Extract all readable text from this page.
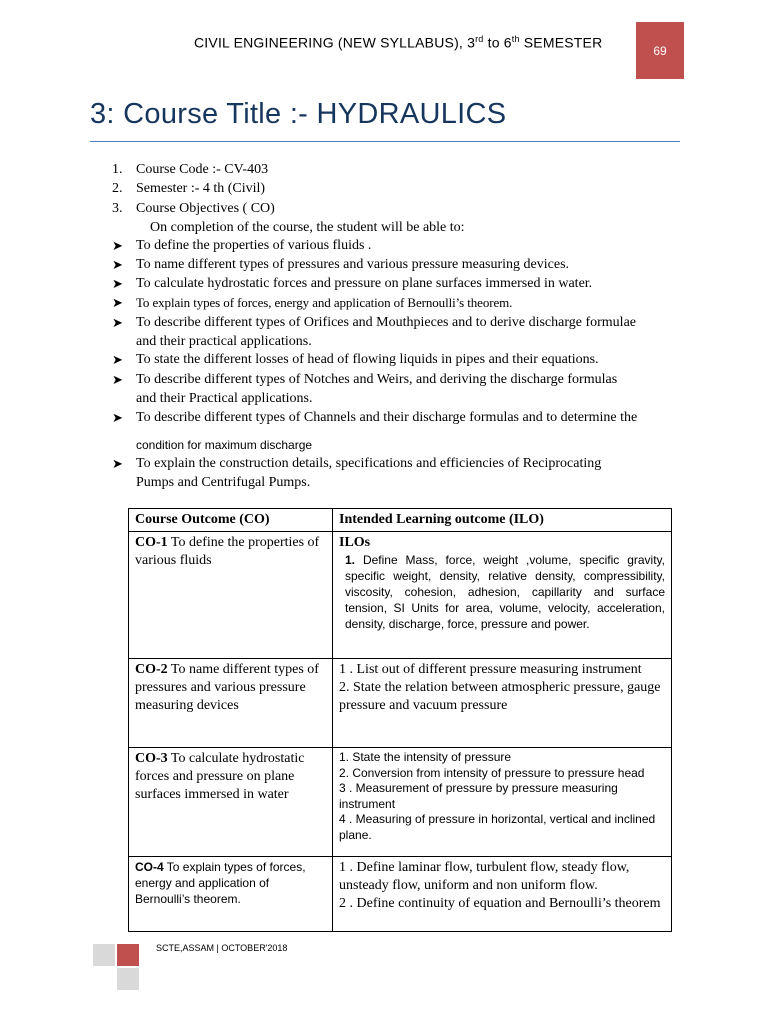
CIVIL ENGINEERING (NEW SYLLABUS), 3rd to 6th SEMESTER	69
3: Course Title :- HYDRAULICS
1. Course Code :- CV-403
2. Semester :- 4 th (Civil)
3. Course Objectives ( CO)
On completion of the course, the student will be able to:
➤ To define the properties of various fluids .
➤ To name different types of pressures and various pressure measuring devices.
➤ To calculate hydrostatic forces and pressure on plane surfaces immersed in water.
➤ To explain types of forces, energy and application of Bernoulli’s theorem.
➤ To describe different types of Orifices and Mouthpieces and to derive discharge formulae
and their practical applications.
➤ To state the different losses of head of flowing liquids in pipes and their equations.
➤ To describe different types of Notches and Weirs, and deriving the discharge formulas
and their Practical applications.
➤ To describe different types of Channels and their discharge formulas and to determine the
condition for maximum discharge
➤ To explain the construction details, specifications and efficiencies of Reciprocating
Pumps and Centrifugal Pumps.
Course Outcome (CO)	Intended Learning outcome (ILO)
CO-1 To define the properties of various fluids	ILOs
1. Define Mass, force, weight ,volume, specific gravity, specific weight, density, relative density, compressibility, viscosity, cohesion, adhesion, capillarity and surface tension, SI Units for area, volume, velocity, acceleration, density, discharge, force, pressure and power.

CO-2 To name different types of pressures and various pressure measuring devices	1 . List out of different pressure measuring instrument
2. State the relation between atmospheric pressure, gauge pressure and vacuum pressure

CO-3 To calculate hydrostatic forces and pressure on plane surfaces immersed in water	1. State the intensity of pressure
2. Conversion from intensity of pressure to pressure head
3 . Measurement of pressure by pressure measuring instrument
4 . Measuring of pressure in horizontal, vertical and inclined plane.

CO-4 To explain types of forces, energy and application of Bernoulli’s theorem.	1 . Define laminar flow, turbulent flow, steady flow, unsteady flow, uniform and non uniform flow.
2 . Define continuity of equation and Bernoulli’s theorem
SCTE,ASSAM | OCTOBER'2018
